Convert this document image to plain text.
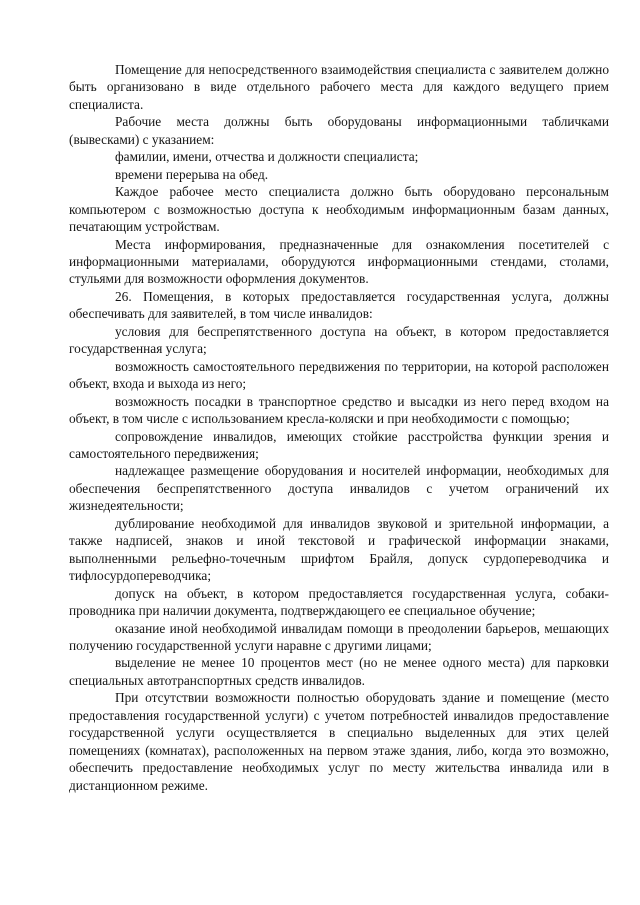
Помещение для непосредственного взаимодействия специалиста с заявителем должно быть организовано в виде отдельного рабочего места для каждого ведущего прием специалиста.

Рабочие места должны быть оборудованы информационными табличками (вывесками) с указанием:

фамилии, имени, отчества и должности специалиста;

времени перерыва на обед.

Каждое рабочее место специалиста должно быть оборудовано персональным компьютером с возможностью доступа к необходимым информационным базам данных, печатающим устройствам.

Места информирования, предназначенные для ознакомления посетителей с информационными материалами, оборудуются информационными стендами, столами, стульями для возможности оформления документов.

26. Помещения, в которых предоставляется государственная услуга, должны обеспечивать для заявителей, в том числе инвалидов:

условия для беспрепятственного доступа на объект, в котором предоставляется государственная услуга;

возможность самостоятельного передвижения по территории, на которой расположен объект, входа и выхода из него;

возможность посадки в транспортное средство и высадки из него перед входом на объект, в том числе с использованием кресла-коляски и при необходимости с помощью;

сопровождение инвалидов, имеющих стойкие расстройства функции зрения и самостоятельного передвижения;

надлежащее размещение оборудования и носителей информации, необходимых для обеспечения беспрепятственного доступа инвалидов с учетом ограничений их жизнедеятельности;

дублирование необходимой для инвалидов звуковой и зрительной информации, а также надписей, знаков и иной текстовой и графической информации знаками, выполненными рельефно-точечным шрифтом Брайля, допуск сурдопереводчика и тифлосурдопереводчика;

допуск на объект, в котором предоставляется государственная услуга, собаки-проводника при наличии документа, подтверждающего ее специальное обучение;

оказание иной необходимой инвалидам помощи в преодолении барьеров, мешающих получению государственной услуги наравне с другими лицами;

выделение не менее 10 процентов мест (но не менее одного места) для парковки специальных автотранспортных средств инвалидов.

При отсутствии возможности полностью оборудовать здание и помещение (место предоставления государственной услуги) с учетом потребностей инвалидов предоставление государственной услуги осуществляется в специально выделенных для этих целей помещениях (комнатах), расположенных на первом этаже здания, либо, когда это возможно, обеспечить предоставление необходимых услуг по месту жительства инвалида или в дистанционном режиме.
